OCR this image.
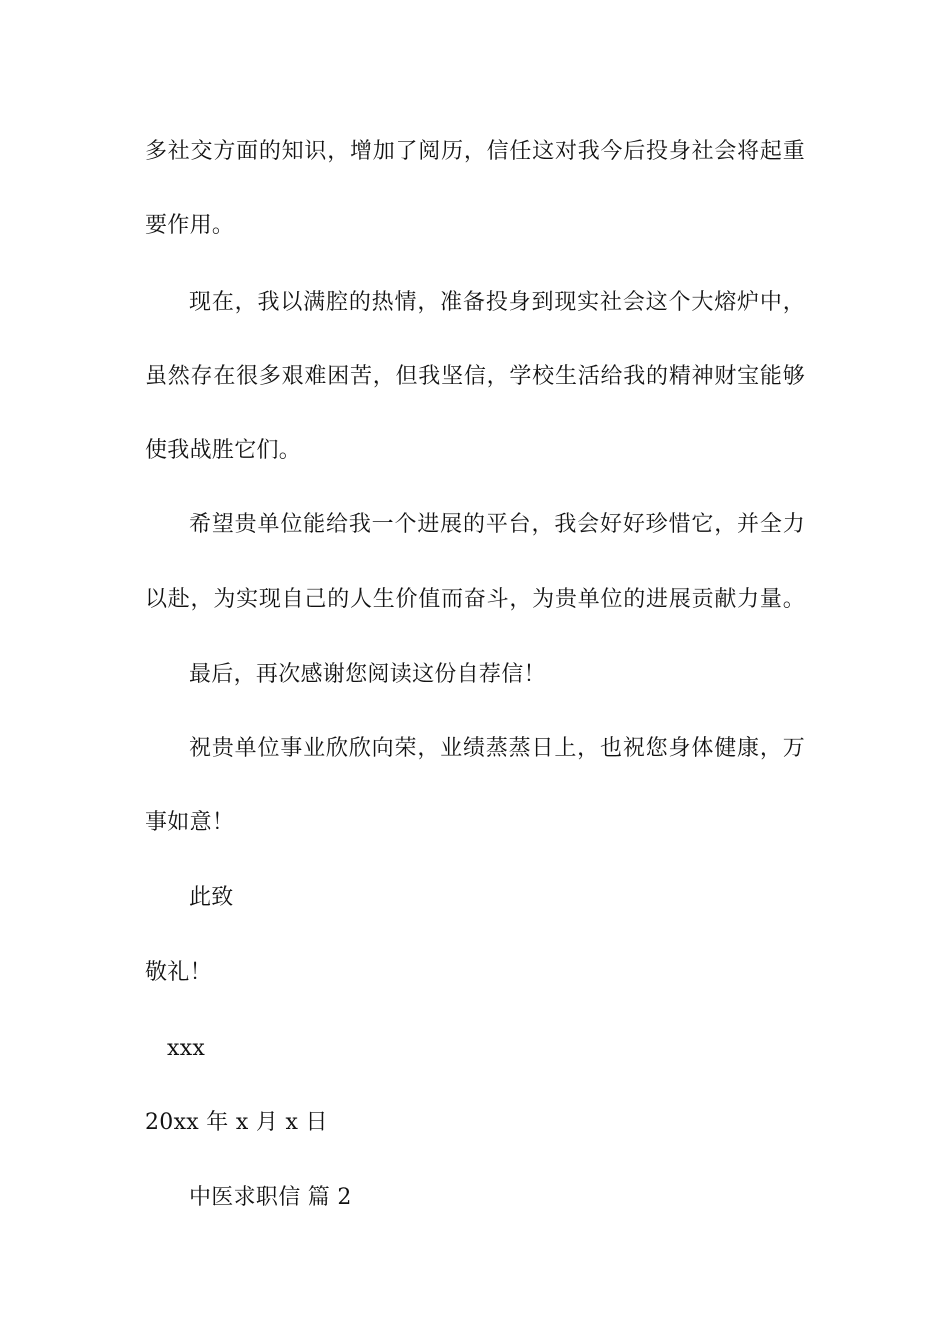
多社交方面的知识，增加了阅历，信任这对我今后投身社会将起重
要作用。
现在，我以满腔的热情，准备投身到现实社会这个大熔炉中，
虽然存在很多艰难困苦，但我坚信，学校生活给我的精神财宝能够
使我战胜它们。
希望贵单位能给我一个进展的平台，我会好好珍惜它，并全力
以赴，为实现自己的人生价值而奋斗，为贵单位的进展贡献力量。
最后，再次感谢您阅读这份自荐信！
祝贵单位事业欣欣向荣，业绩蒸蒸日上，也祝您身体健康，万
事如意！
此致
敬礼！
xxx
20xx 年 x 月 x 日
中医求职信 篇 2
